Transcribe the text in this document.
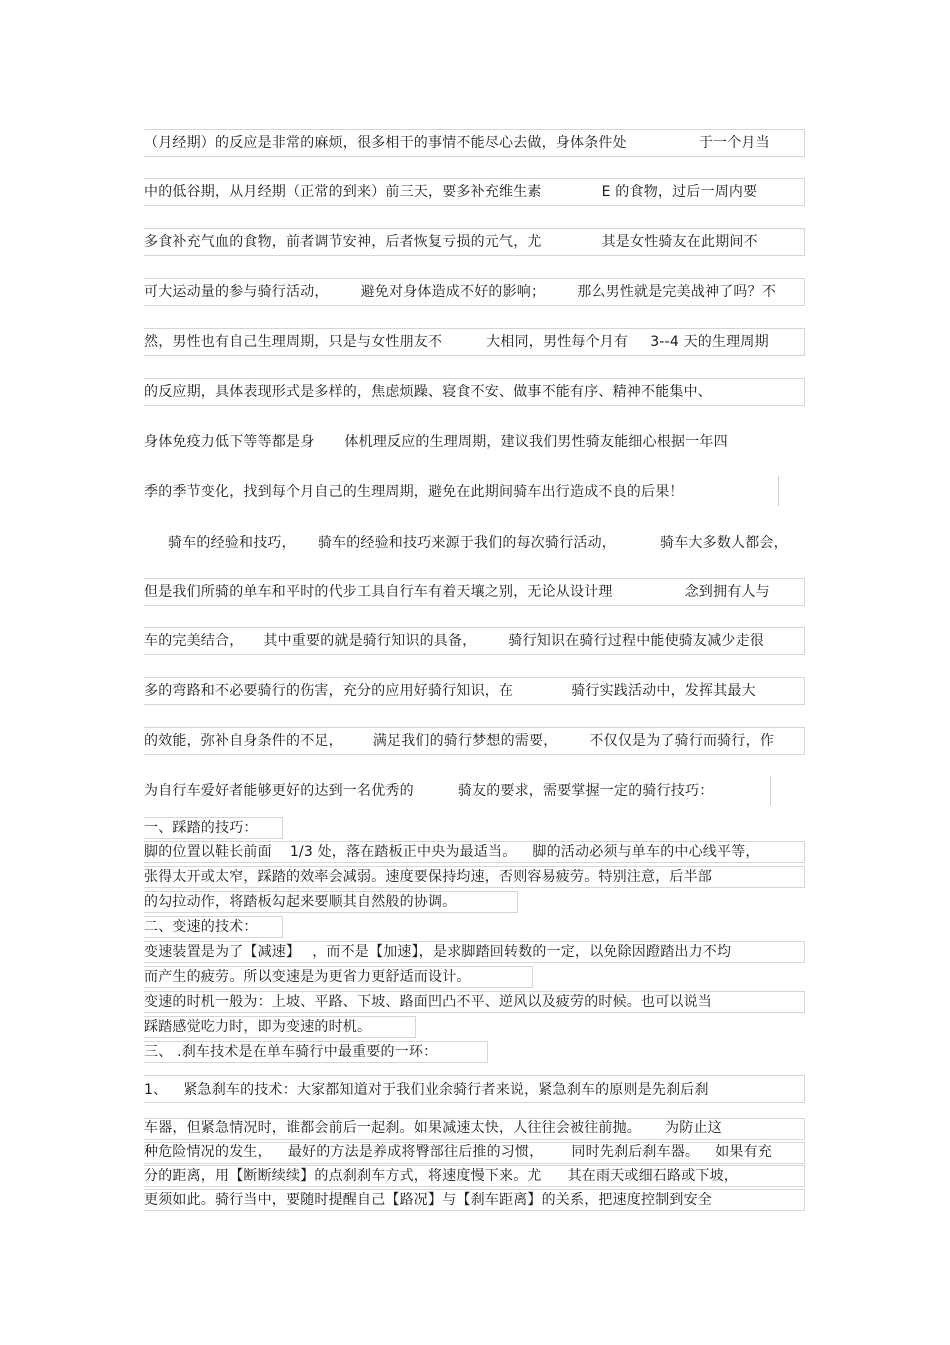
（月经期）的反应是非常的麻烦，很多相干的事情不能尽心去做，身体条件处	于一个月当
中的低谷期，从月经期（正常的到来）前三天，要多补充维生素	E 的食物，过后一周内要
多食补充气血的食物，前者调节安神，后者恢复亏损的元气，尤	其是女性骑友在此期间不
可大运动量的参与骑行活动， 避免对身体造成不好的影响； 那么男性就是完美战神了吗？不
然，男性也有自己生理周期，只是与女性朋友不	大相同，男性每个月有 3--4 天的生理周期
的反应期，具体表现形式是多样的，焦虑烦躁、寝食不安、做事不能有序、精神不能集中、
身体免疫力低下等等都是身 体机理反应的生理周期，建议我们男性骑友能细心根据一年四
季的季节变化，找到每个月自己的生理周期，避免在此期间骑车出行造成不良的后果！
骑车的经验和技巧， 骑车的经验和技巧来源于我们的每次骑行活动，	骑车大多数人都会，
但是我们所骑的单车和平时的代步工具自行车有着天壤之别，无论从设计理	念到拥有人与
车的完美结合， 其中重要的就是骑行知识的具备， 骑行知识在骑行过程中能使骑友减少走很
多的弯路和不必要骑行的伤害，充分的应用好骑行知识，在	骑行实践活动中，发挥其最大
的效能，弥补自身条件的不足， 满足我们的骑行梦想的需要， 不仅仅是为了骑行而骑行，作
为自行车爱好者能够更好的达到一名优秀的	骑友的要求，需要掌握一定的骑行技巧：
一、踩踏的技巧：
脚的位置以鞋长前面 1/3 处，落在踏板正中央为最适当。 脚的活动必须与单车的中心线平等，
张得太开或太窄，踩踏的效率会减弱。速度要保持均速，否则容易疲劳。特别注意，后半部
的勾拉动作，将踏板勾起来要顺其自然般的协调。
二、变速的技术：
变速装置是为了【减速】 ，而不是【加速】，是求脚踏回转数的一定，以免除因蹬踏出力不均
而产生的疲劳。所以变速是为更省力更舒适而设计。
变速的时机一般为：上坡、平路、下坡、路面凹凸不平、逆风以及疲劳的时候。也可以说当
踩踏感觉吃力时，即为变速的时机。
三、 .刹车技术是在单车骑行中最重要的一环：
1、 紧急刹车的技术：大家都知道对于我们业余骑行者来说，紧急刹车的原则是先刹后刹
车器，但紧急情况时，谁都会前后一起刹。如果减速太快，人往往会被往前抛。 为防止这
种危险情况的发生， 最好的方法是养成将臀部往后推的习惯， 同时先刹后刹车器。 如果有充
分的距离，用【断断续续】的点刹刹车方式，将速度慢下来。尤 其在雨天或细石路或下坡，
更须如此。骑行当中，要随时提醒自己【路况】与【刹车距离】的关系，把速度控制到安全
